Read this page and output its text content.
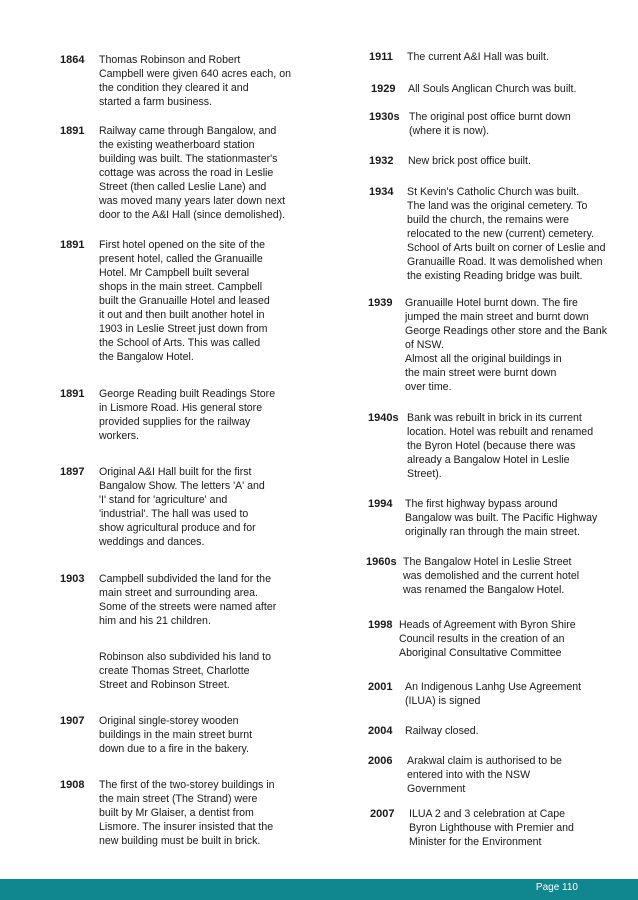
1864 Thomas Robinson and Robert
Campbell were given 640 acres each, on
the condition they cleared it and
started a farm business.
1891 Railway came through Bangalow, and
the existing weatherboard station
building was built. The stationmaster's
cottage was across the road in Leslie
Street (then called Leslie Lane) and
was moved many years later down next
door to the A&I Hall (since demolished).
1891 First hotel opened on the site of the
present hotel, called the Granuaille
Hotel. Mr Campbell built several
shops in the main street. Campbell
built the Granuaille Hotel and leased
it out and then built another hotel in
1903 in Leslie Street just down from
the School of Arts. This was called
the Bangalow Hotel.
1891 George Reading built Readings Store
in Lismore Road. His general store
provided supplies for the railway
workers.
1897 Original A&I Hall built for the first
Bangalow Show. The letters 'A' and
'I' stand for 'agriculture' and
'industrial'. The hall was used to
show agricultural produce and for
weddings and dances.
1903 Campbell subdivided the land for the
main street and surrounding area.
Some of the streets were named after
him and his 21 children.
Robinson also subdivided his land to
create Thomas Street, Charlotte
Street and Robinson Street.
1907 Original single-storey wooden
buildings in the main street burnt
down due to a fire in the bakery.
1908 The first of the two-storey buildings in
the main street (The Strand) were
built by Mr Glaiser, a dentist from
Lismore. The insurer insisted that the
new building must be built in brick.
1911 The current A&I Hall was built.
1929 All Souls Anglican Church was built.
1930s The original post office burnt down
(where it is now).
1932 New brick post office built.
1934 St Kevin's Catholic Church was built.
The land was the original cemetery. To
build the church, the remains were
relocated to the new (current) cemetery.
School of Arts built on corner of Leslie and
Granuaille Road. It was demolished when
the existing Reading bridge was built.
1939 Granuaille Hotel burnt down. The fire
jumped the main street and burnt down
George Readings other store and the Bank
of NSW.
Almost all the original buildings in
the main street were burnt down
over time.
1940s Bank was rebuilt in brick in its current
location. Hotel was rebuilt and renamed
the Byron Hotel (because there was
already a Bangalow Hotel in Leslie
Street).
1994 The first highway bypass around
Bangalow was built. The Pacific Highway
originally ran through the main street.
1960s The Bangalow Hotel in Leslie Street
was demolished and the current hotel
was renamed the Bangalow Hotel.
1998 Heads of Agreement with Byron Shire
Council results in the creation of an
Aboriginal Consultative Committee
2001 An Indigenous Lanhg Use Agreement
(ILUA) is signed
2004 Railway closed.
2006 Arakwal claim is authorised to be
entered into with the NSW
Government
2007 ILUA 2 and 3 celebration at Cape
Byron Lighthouse with Premier and
Minister for the Environment
Page 110
